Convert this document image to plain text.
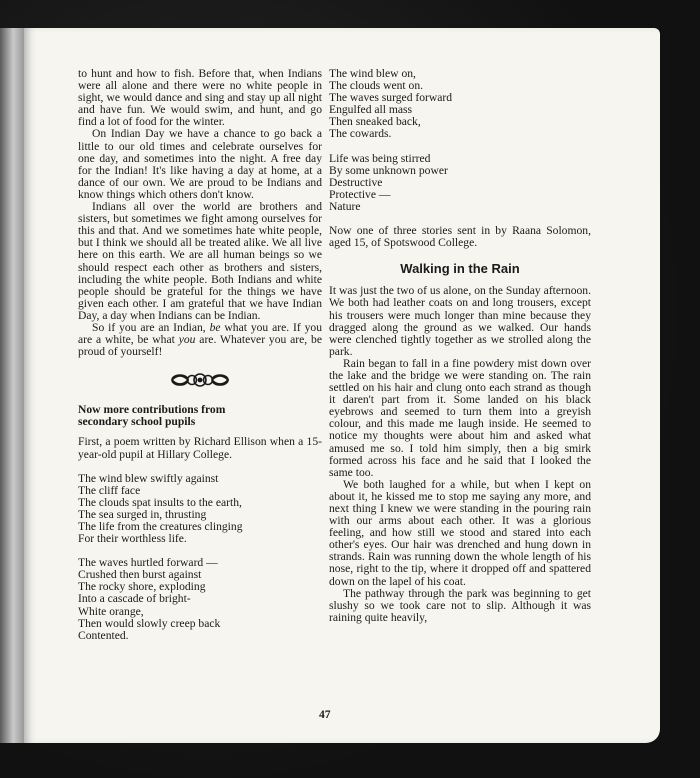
to hunt and how to fish. Before that, when Indians were all alone and there were no white people in sight, we would dance and sing and stay up all night and have fun. We would swim, and hunt, and go find a lot of food for the winter.

On Indian Day we have a chance to go back a little to our old times and celebrate ourselves for one day, and sometimes into the night. A free day for the Indian! It's like having a day at home, at a dance of our own. We are proud to be Indians and know things which others don't know.

Indians all over the world are brothers and sisters, but sometimes we fight among ourselves for this and that. And we sometimes hate white people, but I think we should all be treated alike. We all live here on this earth. We are all human beings so we should respect each other as brothers and sisters, including the white people. Both Indians and white people should be grateful for the things we have given each other. I am grateful that we have Indian Day, a day when Indians can be Indian.

So if you are an Indian, be what you are. If you are a white, be what you are. Whatever you are, be proud of yourself!

Now more contributions from
secondary school pupils

First, a poem written by Richard Ellison when a 15-year-old pupil at Hillary College.

The wind blew swiftly against
The cliff face
The clouds spat insults to the earth,
The sea surged in, thrusting
The life from the creatures clinging
For their worthless life.
The waves hurtled forward —
Crushed then burst against
The rocky shore, exploding
Into a cascade of bright-
White orange,
Then would slowly creep back
Contented.
The wind blew on,
The clouds went on.
The waves surged forward
Engulfed all mass
Then sneaked back,
The cowards.
Life was being stirred
By some unknown power
Destructive
Protective —
Nature

Now one of three stories sent in by Raana Solomon, aged 15, of Spotswood College.

Walking in the Rain

It was just the two of us alone, on the Sunday afternoon. We both had leather coats on and long trousers, except his trousers were much longer than mine because they dragged along the ground as we walked. Our hands were clenched tightly together as we strolled along the park.

Rain began to fall in a fine powdery mist down over the lake and the bridge we were standing on. The rain settled on his hair and clung onto each strand as though it daren't part from it. Some landed on his black eyebrows and seemed to turn them into a greyish colour, and this made me laugh inside. He seemed to notice my thoughts were about him and asked what amused me so. I told him simply, then a big smirk formed across his face and he said that I looked the same too.

We both laughed for a while, but when I kept on about it, he kissed me to stop me saying any more, and next thing I knew we were standing in the pouring rain with our arms about each other. It was a glorious feeling, and how still we stood and stared into each other's eyes. Our hair was drenched and hung down in strands. Rain was running down the whole length of his nose, right to the tip, where it dropped off and spattered down on the lapel of his coat.

The pathway through the park was beginning to get slushy so we took care not to slip. Although it was raining quite heavily,

47
